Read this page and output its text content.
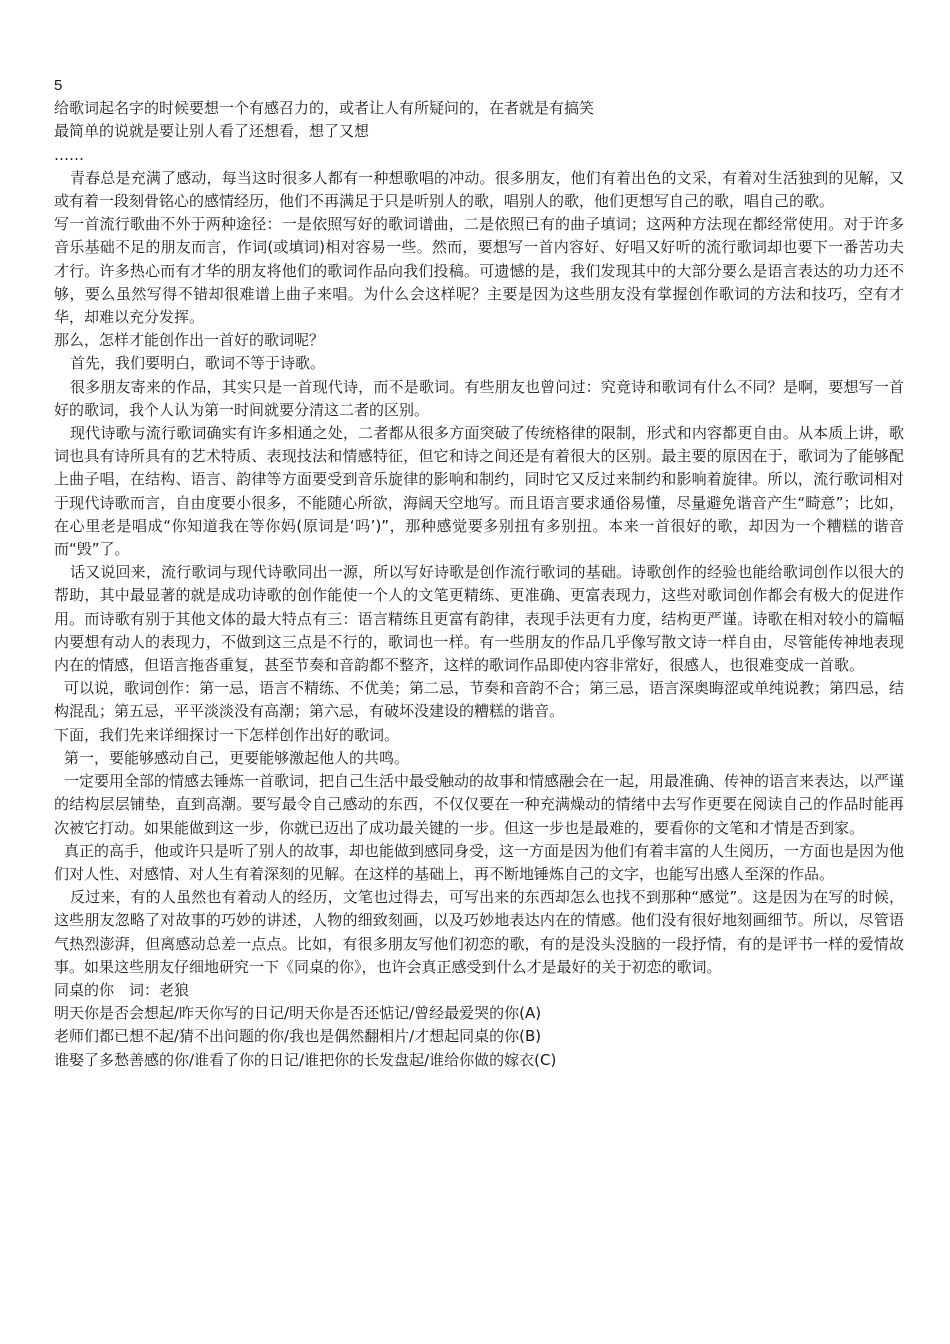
5

给歌词起名字的时候要想一个有感召力的，或者让人有所疑问的，在者就是有搞笑

最简单的说就是要让别人看了还想看，想了又想

……

青春总是充满了感动，每当这时很多人都有一种想歌唱的冲动。很多朋友，他们有着出色的文采，有着对生活独到的见解，又或有着一段刻骨铭心的感情经历，他们不再满足于只是听别人的歌，唱别人的歌，他们更想写自己的歌，唱自己的歌。

写一首流行歌曲不外于两种途径：一是依照写好的歌词谱曲，二是依照已有的曲子填词；这两种方法现在都经常使用。对于许多音乐基础不足的朋友而言，作词(或填词)相对容易一些。然而，要想写一首内容好、好唱又好听的流行歌词却也要下一番苦功夫才行。许多热心而有才华的朋友将他们的歌词作品向我们投稿。可遗憾的是，我们发现其中的大部分要么是语言表达的功力还不够，要么虽然写得不错却很难谱上曲子来唱。为什么会这样呢？主要是因为这些朋友没有掌握创作歌词的方法和技巧，空有才华，却难以充分发挥。

那么，怎样才能创作出一首好的歌词呢？

首先，我们要明白，歌词不等于诗歌。

很多朋友寄来的作品，其实只是一首现代诗，而不是歌词。有些朋友也曾问过：究竟诗和歌词有什么不同？是啊，要想写一首好的歌词，我个人认为第一时间就要分清这二者的区别。

现代诗歌与流行歌词确实有许多相通之处，二者都从很多方面突破了传统格律的限制，形式和内容都更自由。从本质上讲，歌词也具有诗所具有的艺术特质、表现技法和情感特征，但它和诗之间还是有着很大的区别。最主要的原因在于，歌词为了能够配上曲子唱，在结构、语言、韵律等方面要受到音乐旋律的影响和制约，同时它又反过来制约和影响着旋律。所以，流行歌词相对于现代诗歌而言，自由度要小很多，不能随心所欲，海阔天空地写。而且语言要求通俗易懂，尽量避免谐音产生“畸意”；比如，在心里老是唱成“你知道我在等你妈(原词是‘吗’)”，那种感觉要多别扭有多别扭。本来一首很好的歌，却因为一个糟糕的谐音而“毁”了。

话又说回来，流行歌词与现代诗歌同出一源，所以写好诗歌是创作流行歌词的基础。诗歌创作的经验也能给歌词创作以很大的帮助，其中最显著的就是成功诗歌的创作能使一个人的文笔更精练、更准确、更富表现力，这些对歌词创作都会有极大的促进作用。而诗歌有别于其他文体的最大特点有三：语言精练且更富有韵律，表现手法更有力度，结构更严谨。诗歌在相对较小的篇幅内要想有动人的表现力，不做到这三点是不行的，歌词也一样。有一些朋友的作品几乎像写散文诗一样自由，尽管能传神地表现内在的情感，但语言拖沓重复，甚至节奏和音韵都不整齐，这样的歌词作品即使内容非常好，很感人，也很难变成一首歌。

可以说，歌词创作：第一忌，语言不精练、不优美；第二忌，节奏和音韵不合；第三忌，语言深奥晦涩或单纯说教；第四忌，结构混乱；第五忌，平平淡淡没有高潮；第六忌，有破坏没建设的糟糕的谐音。

下面，我们先来详细探讨一下怎样创作出好的歌词。

第一，要能够感动自己，更要能够激起他人的共鸣。

一定要用全部的情感去锤炼一首歌词，把自己生活中最受触动的故事和情感融会在一起，用最准确、传神的语言来表达，以严谨的结构层层铺垫，直到高潮。要写最令自己感动的东西，不仅仅要在一种充满燥动的情绪中去写作更要在阅读自己的作品时能再次被它打动。如果能做到这一步，你就已迈出了成功最关键的一步。但这一步也是最难的，要看你的文笔和才情是否到家。

真正的高手，他或许只是听了别人的故事，却也能做到感同身受，这一方面是因为他们有着丰富的人生阅历，一方面也是因为他们对人性、对感情、对人生有着深刻的见解。在这样的基础上，再不断地锤炼自己的文字，也能写出感人至深的作品。

反过来，有的人虽然也有着动人的经历，文笔也过得去，可写出来的东西却怎么也找不到那种“感觉”。这是因为在写的时候，这些朋友忽略了对故事的巧妙的讲述，人物的细致刻画，以及巧妙地表达内在的情感。他们没有很好地刻画细节。所以，尽管语气热烈澎湃，但离感动总差一点点。比如，有很多朋友写他们初恋的歌，有的是没头没脑的一段抒情，有的是评书一样的爱情故事。如果这些朋友仔细地研究一下《同桌的你》，也许会真正感受到什么才是最好的关于初恋的歌词。

同桌的你　词：老狼

明天你是否会想起/昨天你写的日记/明天你是否还惦记/曾经最爱哭的你(A)

老师们都已想不起/猜不出问题的你/我也是偶然翻相片/才想起同桌的你(B)

谁娶了多愁善感的你/谁看了你的日记/谁把你的长发盘起/谁给你做的嫁衣(C)
